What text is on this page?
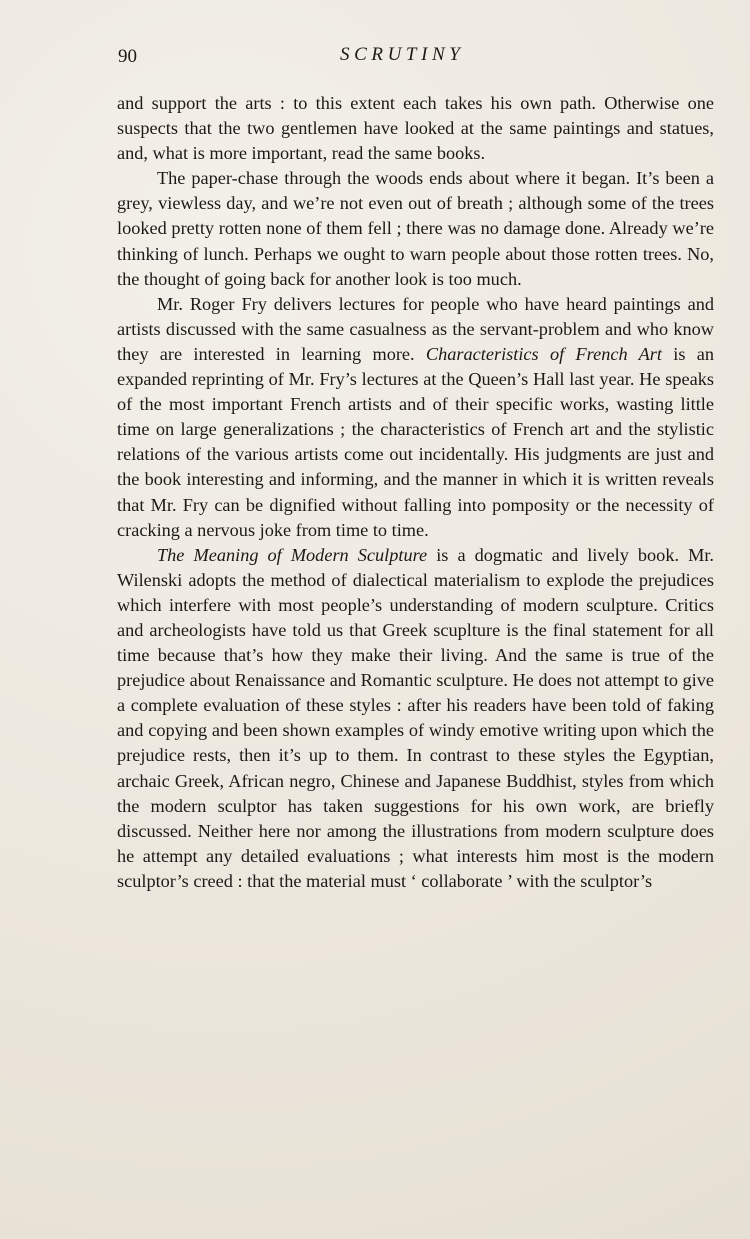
90	SCRUTINY

and support the arts : to this extent each takes his own path. Otherwise one suspects that the two gentlemen have looked at the same paintings and statues, and, what is more important, read the same books.

The paper-chase through the woods ends about where it began. It’s been a grey, viewless day, and we’re not even out of breath ; although some of the trees looked pretty rotten none of them fell ; there was no damage done. Already we’re thinking of lunch. Perhaps we ought to warn people about those rotten trees. No, the thought of going back for another look is too much.

Mr. Roger Fry delivers lectures for people who have heard paintings and artists discussed with the same casualness as the servant-problem and who know they are interested in learning more. Characteristics of French Art is an expanded reprinting of Mr. Fry’s lectures at the Queen’s Hall last year. He speaks of the most important French artists and of their specific works, wasting little time on large generalizations ; the characteristics of French art and the stylistic relations of the various artists come out incidentally. His judgments are just and the book interesting and informing, and the manner in which it is written reveals that Mr. Fry can be dignified without falling into pomposity or the necessity of cracking a nervous joke from time to time.

The Meaning of Modern Sculpture is a dogmatic and lively book. Mr. Wilenski adopts the method of dialectical materialism to explode the prejudices which interfere with most people’s understanding of modern sculpture. Critics and archeologists have told us that Greek scuplture is the final statement for all time because that’s how they make their living. And the same is true of the prejudice about Renaissance and Romantic sculpture. He does not attempt to give a complete evaluation of these styles : after his readers have been told of faking and copying and been shown examples of windy emotive writing upon which the prejudice rests, then it’s up to them. In contrast to these styles the Egyptian, archaic Greek, African negro, Chinese and Japanese Buddhist, styles from which the modern sculptor has taken suggestions for his own work, are briefly discussed. Neither here nor among the illustrations from modern sculpture does he attempt any detailed evaluations ; what interests him most is the modern sculptor’s creed : that the material must ‘ collaborate ’ with the sculptor’s
